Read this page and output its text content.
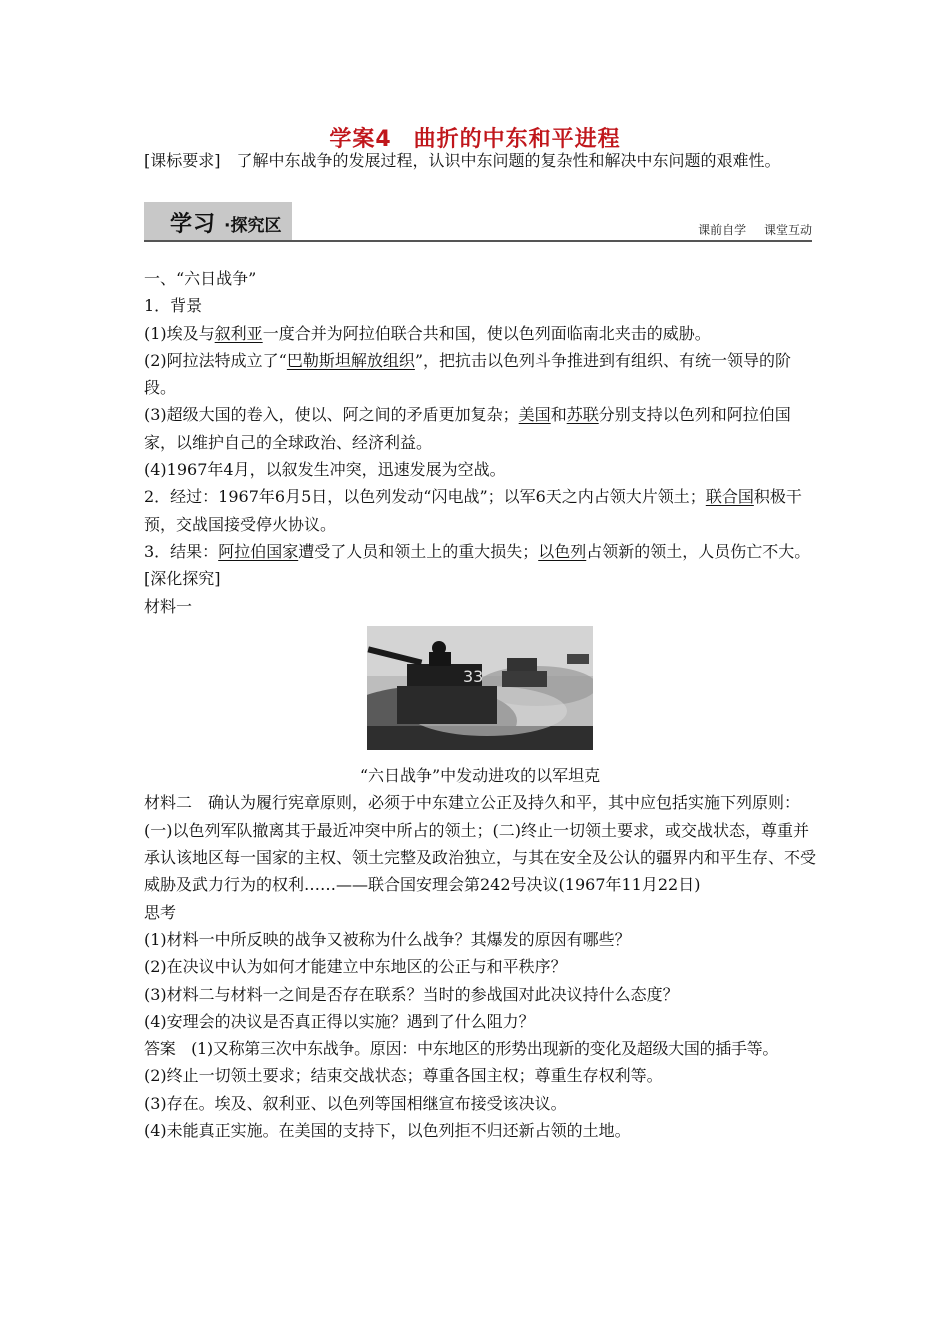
学案4 曲折的中东和平进程
[课标要求]　 了解中东战争的发展过程，认识中东问题的复杂性和解决中东问题的艰难性。
学习 ·探究区	课前自学 课堂互动

一、“六日战争”

1．背景

(1)埃及与叙利亚一度合并为阿拉伯联合共和国，使以色列面临南北夹击的威胁。

(2)阿拉法特成立了“巴勒斯坦解放组织”，把抗击以色列斗争推进到有组织、有统一领导的阶段。

(3)超级大国的卷入，使以、阿之间的矛盾更加复杂；美国和苏联分别支持以色列和阿拉伯国家，以维护自己的全球政治、经济利益。

(4)1967年4月，以叙发生冲突，迅速发展为空战。

2．经过：1967年6月5日，以色列发动“闪电战”；以军6天之内占领大片领土；联合国积极干预，交战国接受停火协议。

3．结果：阿拉伯国家遭受了人员和领土上的重大损失；以色列占领新的领土，人员伤亡不大。

[深化探究]

材料一

33
“六日战争”中发动进攻的以军坦克

材料二　确认为履行宪章原则，必须于中东建立公正及持久和平，其中应包括实施下列原则：(一)以色列军队撤离其于最近冲突中所占的领土；(二)终止一切领土要求，或交战状态，尊重并承认该地区每一国家的主权、领土完整及政治独立，与其在安全及公认的疆界内和平生存、不受威胁及武力行为的权利……——联合国安理会第242号决议(1967年11月22日)

思考

(1)材料一中所反映的战争又被称为什么战争？其爆发的原因有哪些？

(2)在决议中认为如何才能建立中东地区的公正与和平秩序？

(3)材料二与材料一之间是否存在联系？当时的参战国对此决议持什么态度？

(4)安理会的决议是否真正得以实施？遇到了什么阻力？

答案　(1)又称第三次中东战争。原因：中东地区的形势出现新的变化及超级大国的插手等。

(2)终止一切领土要求；结束交战状态；尊重各国主权；尊重生存权利等。

(3)存在。埃及、叙利亚、以色列等国相继宣布接受该决议。

(4)未能真正实施。在美国的支持下，以色列拒不归还新占领的土地。
